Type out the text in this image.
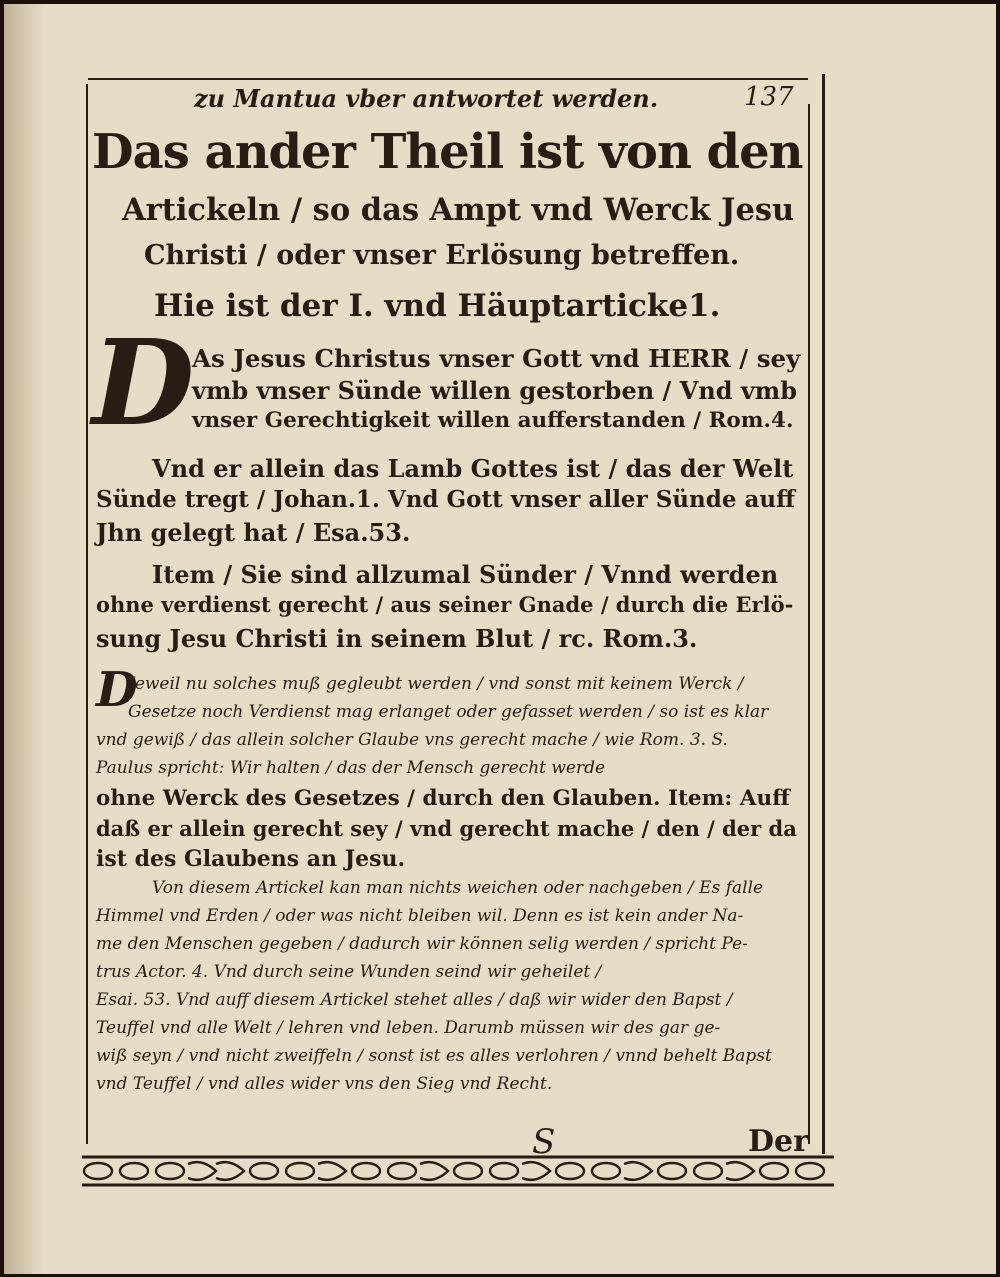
zu Mantua vber antwortet werden.	137
Das ander Theil ist von den
Artickeln / so das Ampt vnd Werck Jesu
Christi / oder vnser Erlösung betreffen.
Hie ist der I. vnd Häuptarticke1.
D
As Jesus Christus vnser Gott vnd HERR / sey
vmb vnser Sünde willen gestorben / Vnd vmb
vnser Gerechtigkeit willen aufferstanden / Rom.4.
Vnd er allein das Lamb Gottes ist / das der Welt
Sünde tregt / Johan.1. Vnd Gott vnser aller Sünde auff
Jhn gelegt hat / Esa.53.
Item / Sie sind allzumal Sünder / Vnnd werden
ohne verdienst gerecht / aus seiner Gnade / durch die Erlö-
sung Jesu Christi in seinem Blut / rc. Rom.3.
D
Jeweil nu solches muß gegleubt werden / vnd sonst mit keinem Werck /
Gesetze noch Verdienst mag erlanget oder gefasset werden / so ist es klar
vnd gewiß / das allein solcher Glaube vns gerecht mache / wie Rom. 3. S.
Paulus spricht: Wir halten / das der Mensch gerecht werde
ohne Werck des Gesetzes / durch den Glauben. Item: Auff
daß er allein gerecht sey / vnd gerecht mache / den / der da
ist des Glaubens an Jesu.
Von diesem Artickel kan man nichts weichen oder nachgeben / Es falle
Himmel vnd Erden / oder was nicht bleiben wil. Denn es ist kein ander Na-
me den Menschen gegeben / dadurch wir können selig werden / spricht Pe-
trus Actor. 4. Vnd durch seine Wunden seind wir geheilet /
Esai. 53. Vnd auff diesem Artickel stehet alles / daß wir wider den Bapst /
Teuffel vnd alle Welt / lehren vnd leben. Darumb müssen wir des gar ge-
wiß seyn / vnd nicht zweiffeln / sonst ist es alles verlohren / vnnd behelt Bapst
vnd Teuffel / vnd alles wider vns den Sieg vnd Recht.
S	Der
